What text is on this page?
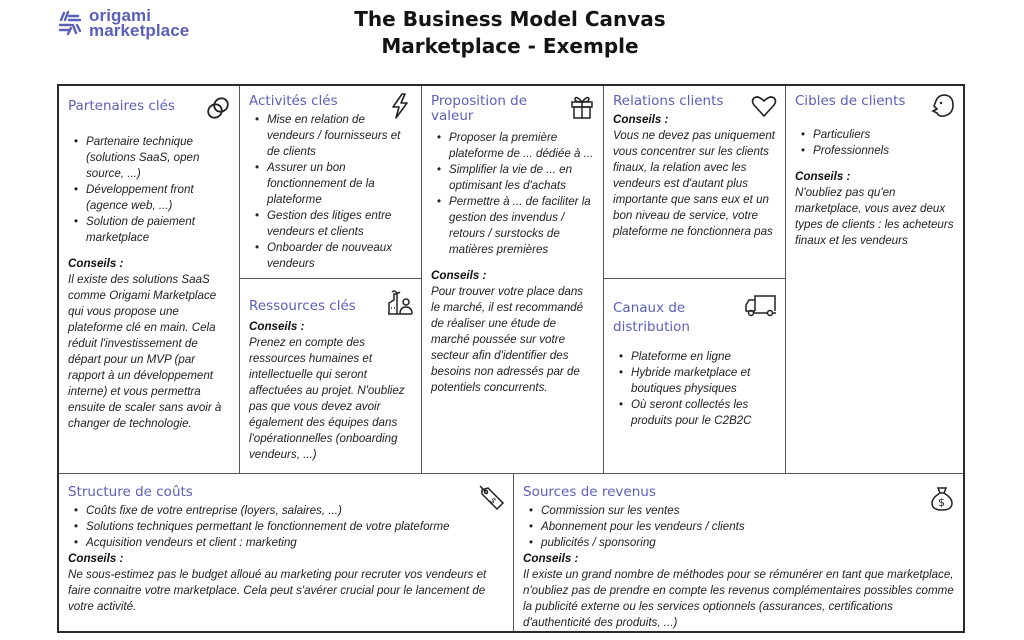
origami
marketplace	The Business Model Canvas
Marketplace - Exemple
Partenaires clés
• Partenaire technique (solutions SaaS, open source, ...)
• Développement front (agence web, ...)
• Solution de paiement marketplace
Conseils :
Il existe des solutions SaaS comme Origami Marketplace qui vous propose une plateforme clé en main. Cela réduit l'investissement de départ pour un MVP (par rapport à un développement interne) et vous permettra ensuite de scaler sans avoir à changer de technologie.
Activités clés
• Mise en relation de vendeurs / fournisseurs et de clients
• Assurer un bon fonctionnement de la plateforme
• Gestion des litiges entre vendeurs et clients
• Onboarder de nouveaux vendeurs
Ressources clés
Conseils :
Prenez en compte des ressources humaines et intellectuelle qui seront affectuées au projet. N'oubliez pas que vous devez avoir également des équipes dans l'opérationnelles (onboarding vendeurs, ...)
Proposition de valeur
• Proposer la première plateforme de ... dédiée à ...
• Simplifier la vie de ... en optimisant les d'achats
• Permettre à ... de faciliter la gestion des invendus / retours / surstocks de matières premières
Conseils :
Pour trouver votre place dans le marché, il est recommandé de réaliser une étude de marché poussée sur votre secteur afin d'identifier des besoins non adressés par de potentiels concurrents.
Relations clients
Conseils :
Vous ne devez pas uniquement vous concentrer sur les clients finaux, la relation avec les vendeurs est d'autant plus importante que sans eux et un bon niveau de service, votre plateforme ne fonctionnera pas
Canaux de distribution
• Plateforme en ligne
• Hybride marketplace et boutiques physiques
• Où seront collectés les produits pour le C2B2C
Cibles de clients
• Particuliers
• Professionnels
Conseils :
N'oubliez pas qu'en marketplace, vous avez deux types de clients : les acheteurs finaux et les vendeurs
Structure de coûts
$
• Coûts fixe de votre entreprise (loyers, salaires, ...)
• Solutions techniques permettant le fonctionnement de votre plateforme
• Acquisition vendeurs et client : marketing
Conseils :
Ne sous-estimez pas le budget alloué au marketing pour recruter vos vendeurs et faire connaitre votre marketplace. Cela peut s'avérer crucial pour le lancement de votre activité.
Sources de revenus
$
• Commission sur les ventes
• Abonnement pour les vendeurs / clients
• publicités / sponsoring
Conseils :
Il existe un grand nombre de méthodes pour se rémunérer en tant que marketplace, n'oubliez pas de prendre en compte les revenus complémentaires possibles comme la publicité externe ou les services optionnels (assurances, certifications d'authenticité des produits, ...)
